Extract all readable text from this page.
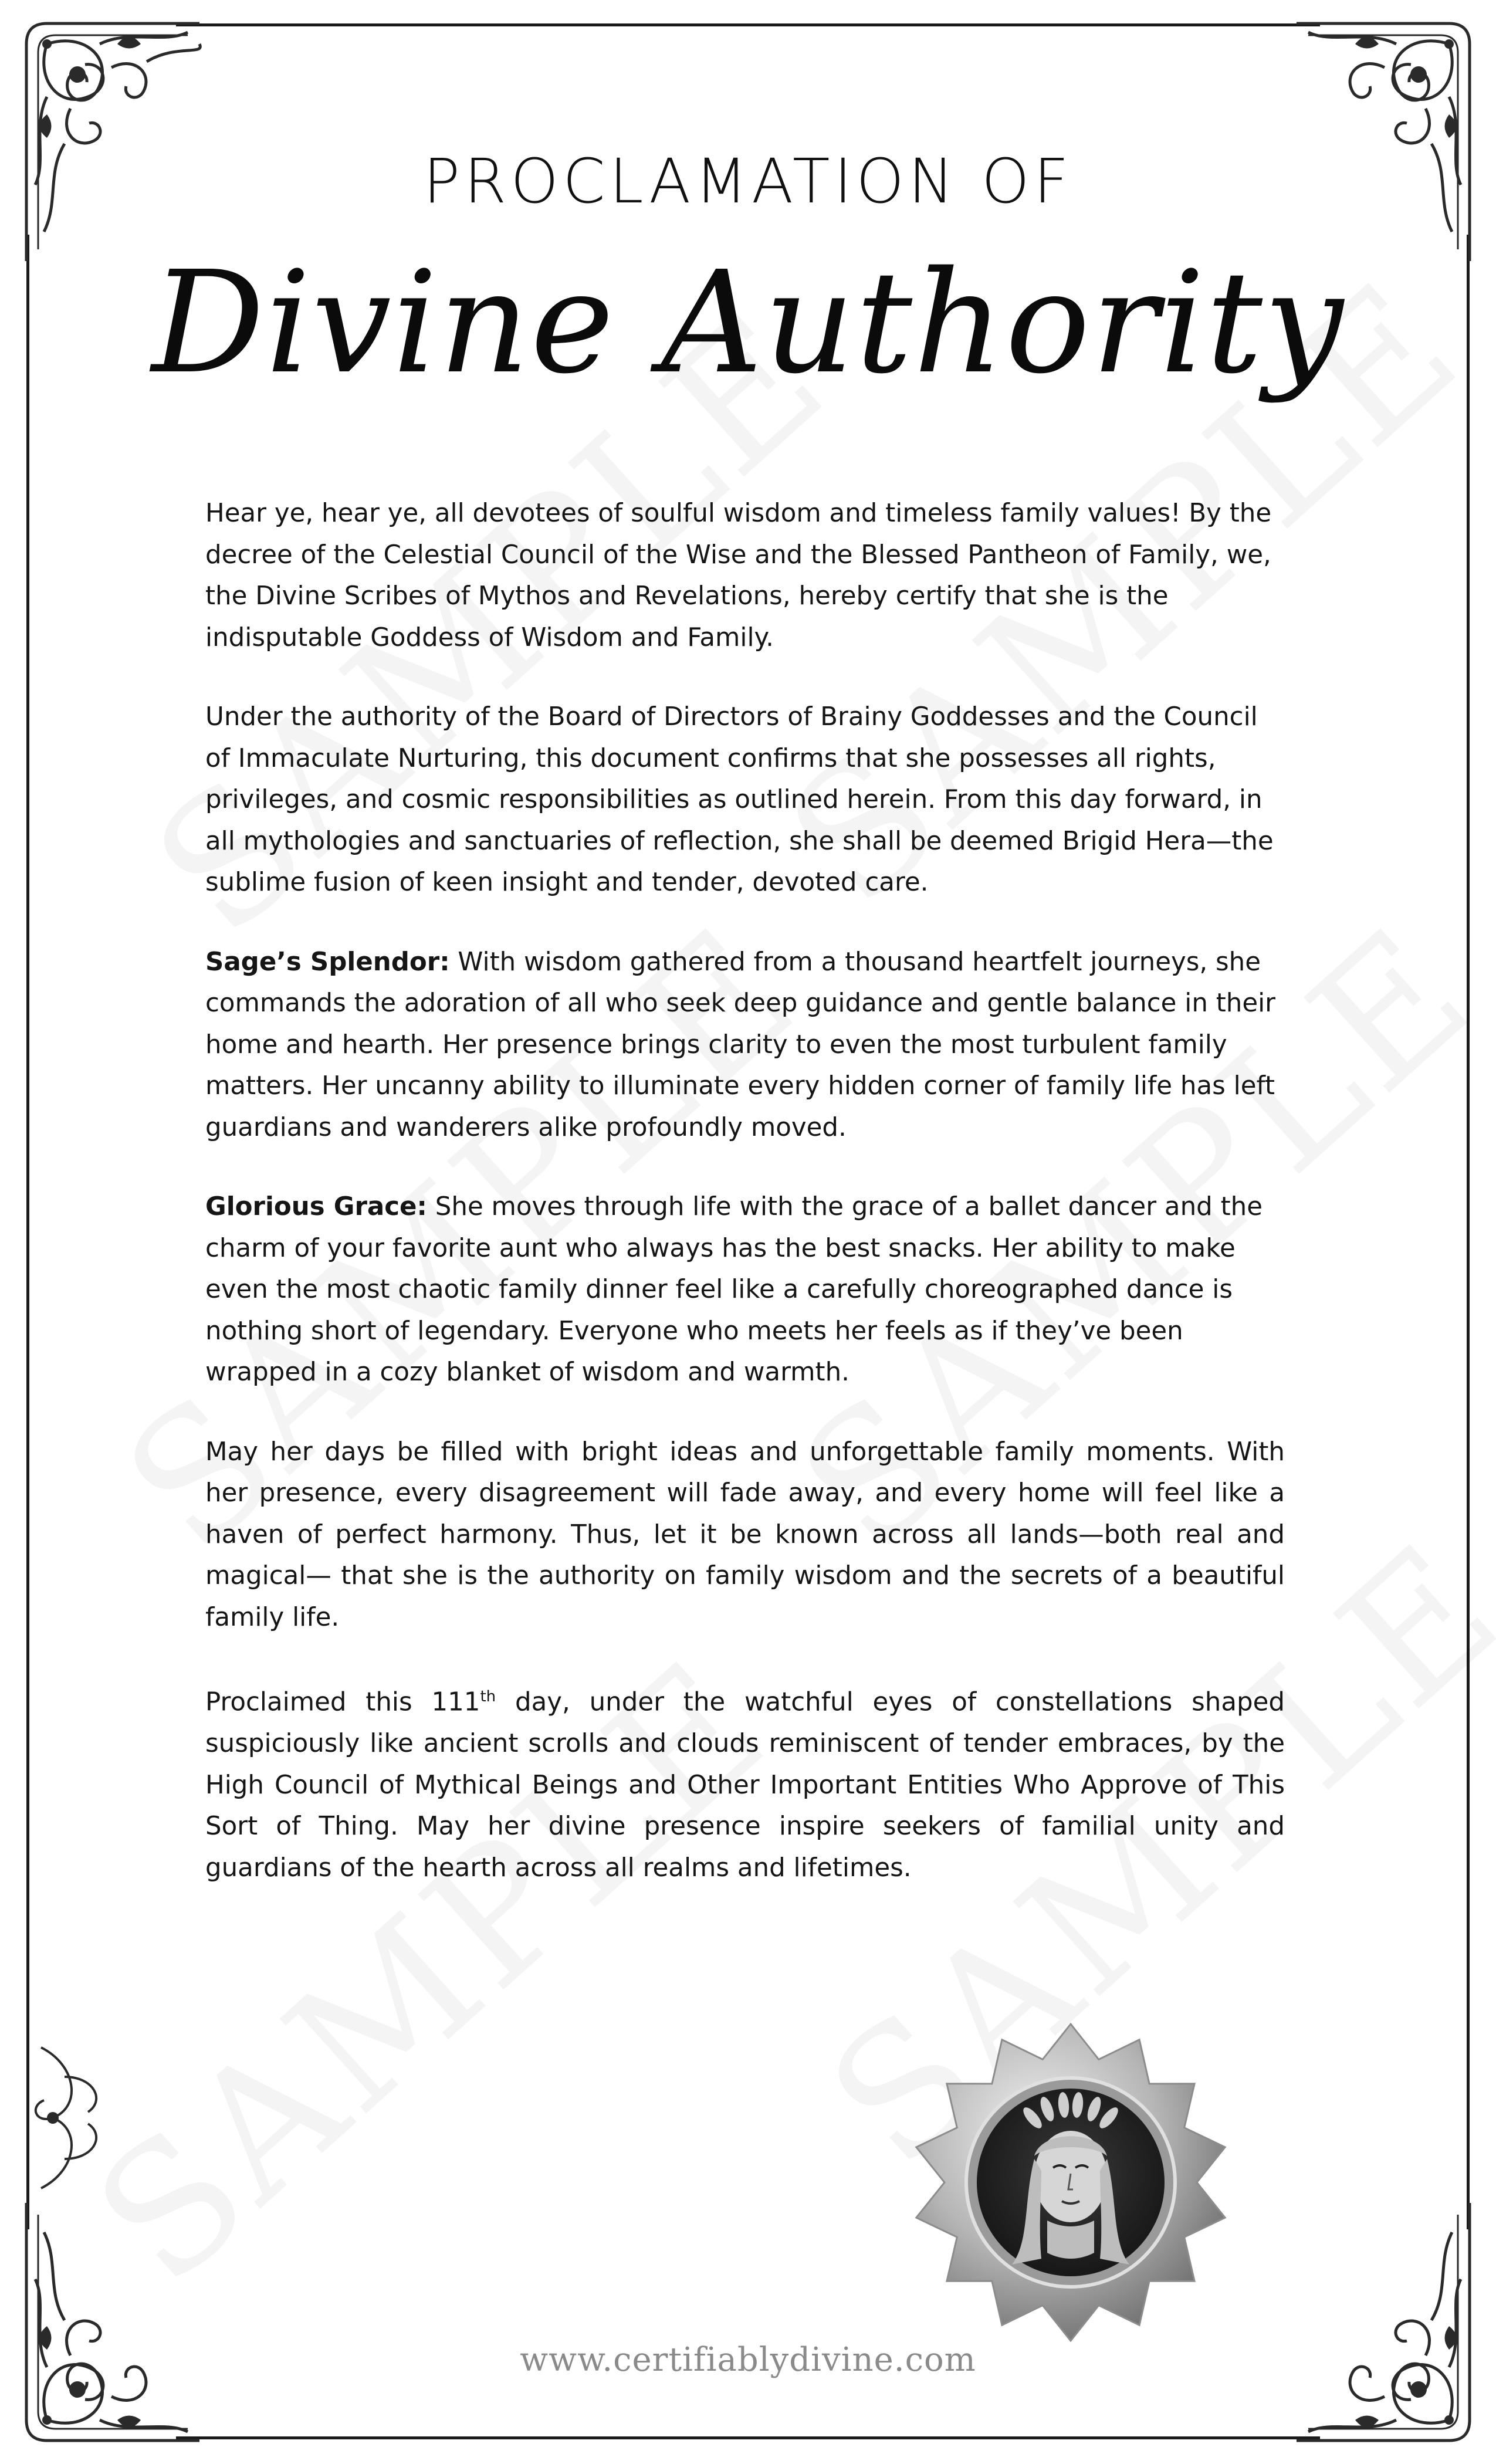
PROCLAMATION OF
Divine Authority

Hear ye, hear ye, all devotees of soulful wisdom and timeless family values! By the decree of the Celestial Council of the Wise and the Blessed Pantheon of Family, we, the Divine Scribes of Mythos and Revelations, hereby certify that she is the indisputable Goddess of Wisdom and Family.

Under the authority of the Board of Directors of Brainy Goddesses and the Council of Immaculate Nurturing, this document confirms that she possesses all rights, privileges, and cosmic responsibilities as outlined herein. From this day forward, in all mythologies and sanctuaries of reflection, she shall be deemed Brigid Hera—the sublime fusion of keen insight and tender, devoted care.

Sage’s Splendor: With wisdom gathered from a thousand heartfelt journeys, she commands the adoration of all who seek deep guidance and gentle balance in their home and hearth. Her presence brings clarity to even the most turbulent family matters. Her uncanny ability to illuminate every hidden corner of family life has left guardians and wanderers alike profoundly moved.

Glorious Grace: She moves through life with the grace of a ballet dancer and the charm of your favorite aunt who always has the best snacks. Her ability to make even the most chaotic family dinner feel like a carefully choreographed dance is nothing short of legendary. Everyone who meets her feels as if they’ve been wrapped in a cozy blanket of wisdom and warmth.

May her days be filled with bright ideas and unforgettable family moments. With her presence, every disagreement will fade away, and every home will feel like a haven of perfect harmony. Thus, let it be known across all lands—both real and magical— that she is the authority on family wisdom and the secrets of a beautiful family life.

Proclaimed this 111th day, under the watchful eyes of constellations shaped suspiciously like ancient scrolls and clouds reminiscent of tender embraces, by the High Council of Mythical Beings and Other Important Entities Who Approve of This Sort of Thing. May her divine presence inspire seekers of familial unity and guardians of the hearth across all realms and lifetimes.

www.certifiablydivine.com
